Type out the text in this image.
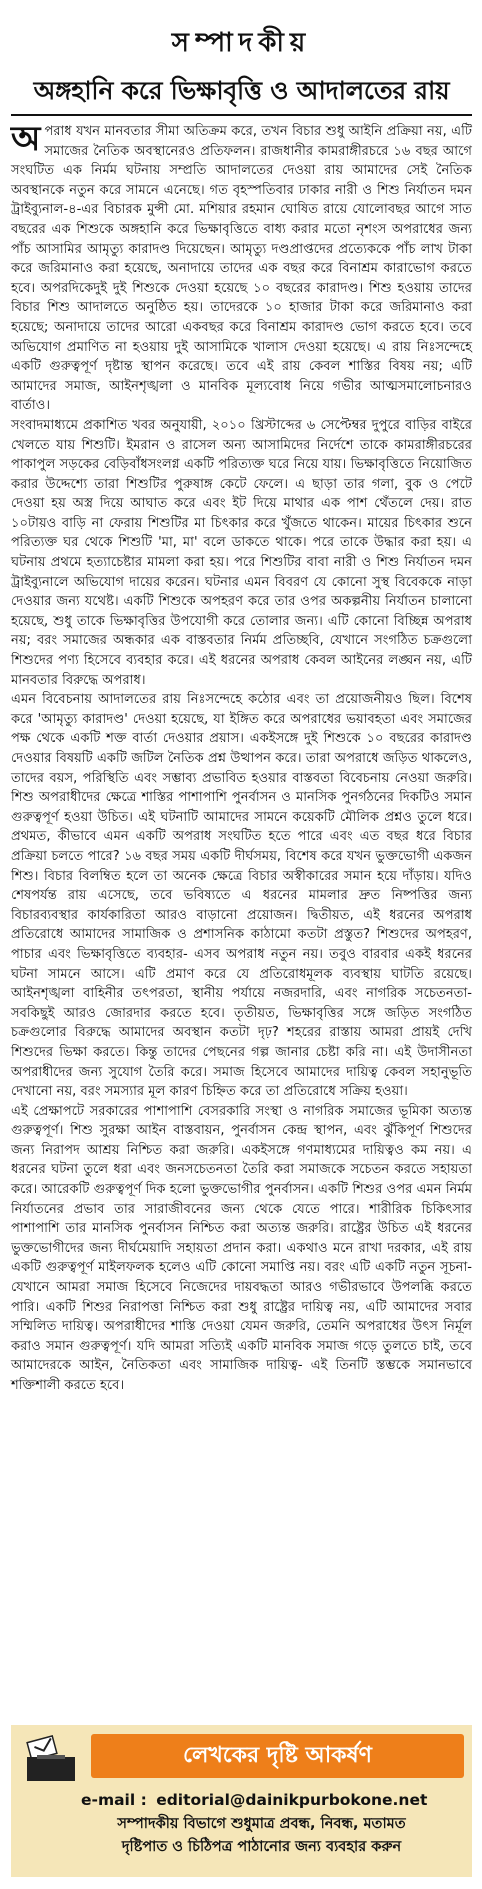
সম্পাদকীয়
অঙ্গহানি করে ভিক্ষাবৃত্তি ও আদালতের রায়

অপরাধ যখন মানবতার সীমা অতিক্রম করে, তখন বিচার শুধু আইনি প্রক্রিয়া নয়, এটি সমাজের নৈতিক অবস্থানেরও প্রতিফলন। রাজধানীর কামরাঙ্গীরচরে ১৬ বছর আগে সংঘটিত এক নির্মম ঘটনায় সম্প্রতি আদালতের দেওয়া রায় আমাদের সেই নৈতিক অবস্থানকে নতুন করে সামনে এনেছে। গত বৃহস্পতিবার ঢাকার নারী ও শিশু নির্যাতন দমন ট্রাইব্যুনাল-৪-এর বিচারক মুন্সী মো. মশিয়ার রহমান ঘোষিত রায়ে যোলোবছর আগে সাত বছরের এক শিশুকে অঙ্গহানি করে ভিক্ষাবৃত্তিতে বাধ্য করার মতো নৃশংস অপরাধের জন্য পাঁচ আসামির আমৃত্যু কারাদণ্ড দিয়েছেন। আমৃত্যু দণ্ডপ্রাপ্তদের প্রত্যেককে পাঁচ লাখ টাকা করে জরিমানাও করা হয়েছে, অনাদায়ে তাদের এক বছর করে বিনাশ্রম কারাভোগ করতে হবে। অপরদিকেদুই দুই শিশুকে দেওয়া হয়েছে ১০ বছরের কারাদণ্ড। শিশু হওয়ায় তাদের বিচার শিশু আদালতে অনুষ্ঠিত হয়। তাদেরকে ১০ হাজার টাকা করে জরিমানাও করা হয়েছে; অনাদায়ে তাদের আরো একবছর করে বিনাশ্রম কারাদণ্ড ভোগ করতে হবে। তবে অভিযোগ প্রমাণিত না হওয়ায় দুই আসামিকে খালাস দেওয়া হয়েছে। এ রায় নিঃসন্দেহে একটি গুরুত্বপূর্ণ দৃষ্টান্ত স্থাপন করেছে। তবে এই রায় কেবল শাস্তির বিষয় নয়; এটি আমাদের সমাজ, আইনশৃঙ্খলা ও মানবিক মূল্যবোধ নিয়ে গভীর আত্মসমালোচনারও বার্তাও।

সংবাদমাধ্যমে প্রকাশিত খবর অনুযায়ী, ২০১০ খ্রিস্টাব্দের ৬ সেপ্টেম্বর দুপুরে বাড়ির বাইরে খেলতে যায় শিশুটি। ইমরান ও রাসেল অন্য আসামিদের নির্দেশে তাকে কামরাঙ্গীরচরের পাকাপুল সড়কের বেড়িবাঁধসংলগ্ন একটি পরিত্যক্ত ঘরে নিয়ে যায়। ভিক্ষাবৃত্তিতে নিয়োজিত করার উদ্দেশ্যে তারা শিশুটির পুরুষাঙ্গ কেটে ফেলে। এ ছাড়া তার গলা, বুক ও পেটে দেওয়া হয় অস্ত্র দিয়ে আঘাত করে এবং ইট দিয়ে মাথার এক পাশ থেঁতলে দেয়। রাত ১০টায়ও বাড়ি না ফেরায় শিশুটির মা চিৎকার করে খুঁজতে থাকেন। মায়ের চিৎকার শুনে পরিত্যক্ত ঘর থেকে শিশুটি 'মা, মা' বলে ডাকতে থাকে। পরে তাকে উদ্ধার করা হয়। এ ঘটনায় প্রথমে হত্যাচেষ্টার মামলা করা হয়। পরে শিশুটির বাবা নারী ও শিশু নির্যাতন দমন ট্রাইব্যুনালে অভিযোগ দায়ের করেন। ঘটনার এমন বিবরণ যে কোনো সুস্থ বিবেককে নাড়া দেওয়ার জন্য যথেষ্ট। একটি শিশুকে অপহরণ করে তার ওপর অকল্পনীয় নির্যাতন চালানো হয়েছে, শুধু তাকে ভিক্ষাবৃত্তির উপযোগী করে তোলার জন্য। এটি কোনো বিচ্ছিন্ন অপরাধ নয়; বরং সমাজের অন্ধকার এক বাস্তবতার নির্মম প্রতিচ্ছবি, যেখানে সংগঠিত চক্রগুলো শিশুদের পণ্য হিসেবে ব্যবহার করে। এই ধরনের অপরাধ কেবল আইনের লঙ্ঘন নয়, এটি মানবতার বিরুদ্ধে অপরাধ।

এমন বিবেচনায় আদালতের রায় নিঃসন্দেহে কঠোর এবং তা প্রয়োজনীয়ও ছিল। বিশেষ করে 'আমৃত্যু কারাদণ্ড' দেওয়া হয়েছে, যা ইঙ্গিত করে অপরাধের ভয়াবহতা এবং সমাজের পক্ষ থেকে একটি শক্ত বার্তা দেওয়ার প্রয়াস। একইসঙ্গে দুই শিশুকে ১০ বছরের কারাদণ্ড দেওয়ার বিষয়টি একটি জটিল নৈতিক প্রশ্ন উত্থাপন করে। তারা অপরাধে জড়িত থাকলেও, তাদের বয়স, পরিস্থিতি এবং সম্ভাব্য প্রভাবিত হওয়ার বাস্তবতা বিবেচনায় নেওয়া জরুরি। শিশু অপরাধীদের ক্ষেত্রে শাস্তির পাশাপাশি পুনর্বাসন ও মানসিক পুনর্গঠনের দিকটিও সমান গুরুত্বপূর্ণ হওয়া উচিত। এই ঘটনাটি আমাদের সামনে কয়েকটি মৌলিক প্রশ্নও তুলে ধরে। প্রথমত, কীভাবে এমন একটি অপরাধ সংঘটিত হতে পারে এবং এত বছর ধরে বিচার প্রক্রিয়া চলতে পারে? ১৬ বছর সময় একটি দীর্ঘসময়, বিশেষ করে যখন ভুক্তভোগী একজন শিশু। বিচার বিলম্বিত হলে তা অনেক ক্ষেত্রে বিচার অস্বীকারের সমান হয়ে দাঁড়ায়। যদিও শেষপর্যন্ত রায় এসেছে, তবে ভবিষ্যতে এ ধরনের মামলার দ্রুত নিষ্পত্তির জন্য বিচারব্যবস্থার কার্যকারিতা আরও বাড়ানো প্রয়োজন। দ্বিতীয়ত, এই ধরনের অপরাধ প্রতিরোধে আমাদের সামাজিক ও প্রশাসনিক কাঠামো কতটা প্রস্তুত? শিশুদের অপহরণ, পাচার এবং ভিক্ষাবৃত্তিতে ব্যবহার- এসব অপরাধ নতুন নয়। তবুও বারবার একই ধরনের ঘটনা সামনে আসে। এটি প্রমাণ করে যে প্রতিরোধমূলক ব্যবস্থায় ঘাটতি রয়েছে। আইনশৃঙ্খলা বাহিনীর তৎপরতা, স্থানীয় পর্যায়ে নজরদারি, এবং নাগরিক সচেতনতা- সবকিছুই আরও জোরদার করতে হবে। তৃতীয়ত, ভিক্ষাবৃত্তির সঙ্গে জড়িত সংগঠিত চক্রগুলোর বিরুদ্ধে আমাদের অবস্থান কতটা দৃঢ়? শহরের রাস্তায় আমরা প্রায়ই দেখি শিশুদের ভিক্ষা করতে। কিন্তু তাদের পেছনের গল্প জানার চেষ্টা করি না। এই উদাসীনতা অপরাধীদের জন্য সুযোগ তৈরি করে। সমাজ হিসেবে আমাদের দায়িত্ব কেবল সহানুভূতি দেখানো নয়, বরং সমস্যার মূল কারণ চিহ্নিত করে তা প্রতিরোধে সক্রিয় হওয়া।

এই প্রেক্ষাপটে সরকারের পাশাপাশি বেসরকারি সংস্থা ও নাগরিক সমাজের ভূমিকা অত্যন্ত গুরুত্বপূর্ণ। শিশু সুরক্ষা আইন বাস্তবায়ন, পুনর্বাসন কেন্দ্র স্থাপন, এবং ঝুঁকিপূর্ণ শিশুদের জন্য নিরাপদ আশ্রয় নিশ্চিত করা জরুরি। একইসঙ্গে গণমাধ্যমের দায়িত্বও কম নয়। এ ধরনের ঘটনা তুলে ধরা এবং জনসচেতনতা তৈরি করা সমাজকে সচেতন করতে সহায়তা করে। আরেকটি গুরুত্বপূর্ণ দিক হলো ভুক্তভোগীর পুনর্বাসন। একটি শিশুর ওপর এমন নির্মম নির্যাতনের প্রভাব তার সারাজীবনের জন্য থেকে যেতে পারে। শারীরিক চিকিৎসার পাশাপাশি তার মানসিক পুনর্বাসন নিশ্চিত করা অত্যন্ত জরুরি। রাষ্ট্রের উচিত এই ধরনের ভুক্তভোগীদের জন্য দীর্ঘমেয়াদি সহায়তা প্রদান করা। একথাও মনে রাখা দরকার, এই রায় একটি গুরুত্বপূর্ণ মাইলফলক হলেও এটি কোনো সমাপ্তি নয়। বরং এটি একটি নতুন সূচনা- যেখানে আমরা সমাজ হিসেবে নিজেদের দায়বদ্ধতা আরও গভীরভাবে উপলব্ধি করতে পারি। একটি শিশুর নিরাপত্তা নিশ্চিত করা শুধু রাষ্ট্রের দায়িত্ব নয়, এটি আমাদের সবার সম্মিলিত দায়িত্ব। অপরাধীদের শাস্তি দেওয়া যেমন জরুরি, তেমনি অপরাধের উৎস নির্মূল করাও সমান গুরুত্বপূর্ণ। যদি আমরা সত্যিই একটি মানবিক সমাজ গড়ে তুলতে চাই, তবে আমাদেরকে আইন, নৈতিকতা এবং সামাজিক দায়িত্ব- এই তিনটি স্তম্ভকে সমানভাবে শক্তিশালী করতে হবে।

লেখকের দৃষ্টি আকর্ষণ
e-mail : editorial@dainikpurbokone.net
সম্পাদকীয় বিভাগে শুধুমাত্র প্রবন্ধ, নিবন্ধ, মতামত
দৃষ্টিপাত ও চিঠিপত্র পাঠানোর জন্য ব্যবহার করুন
